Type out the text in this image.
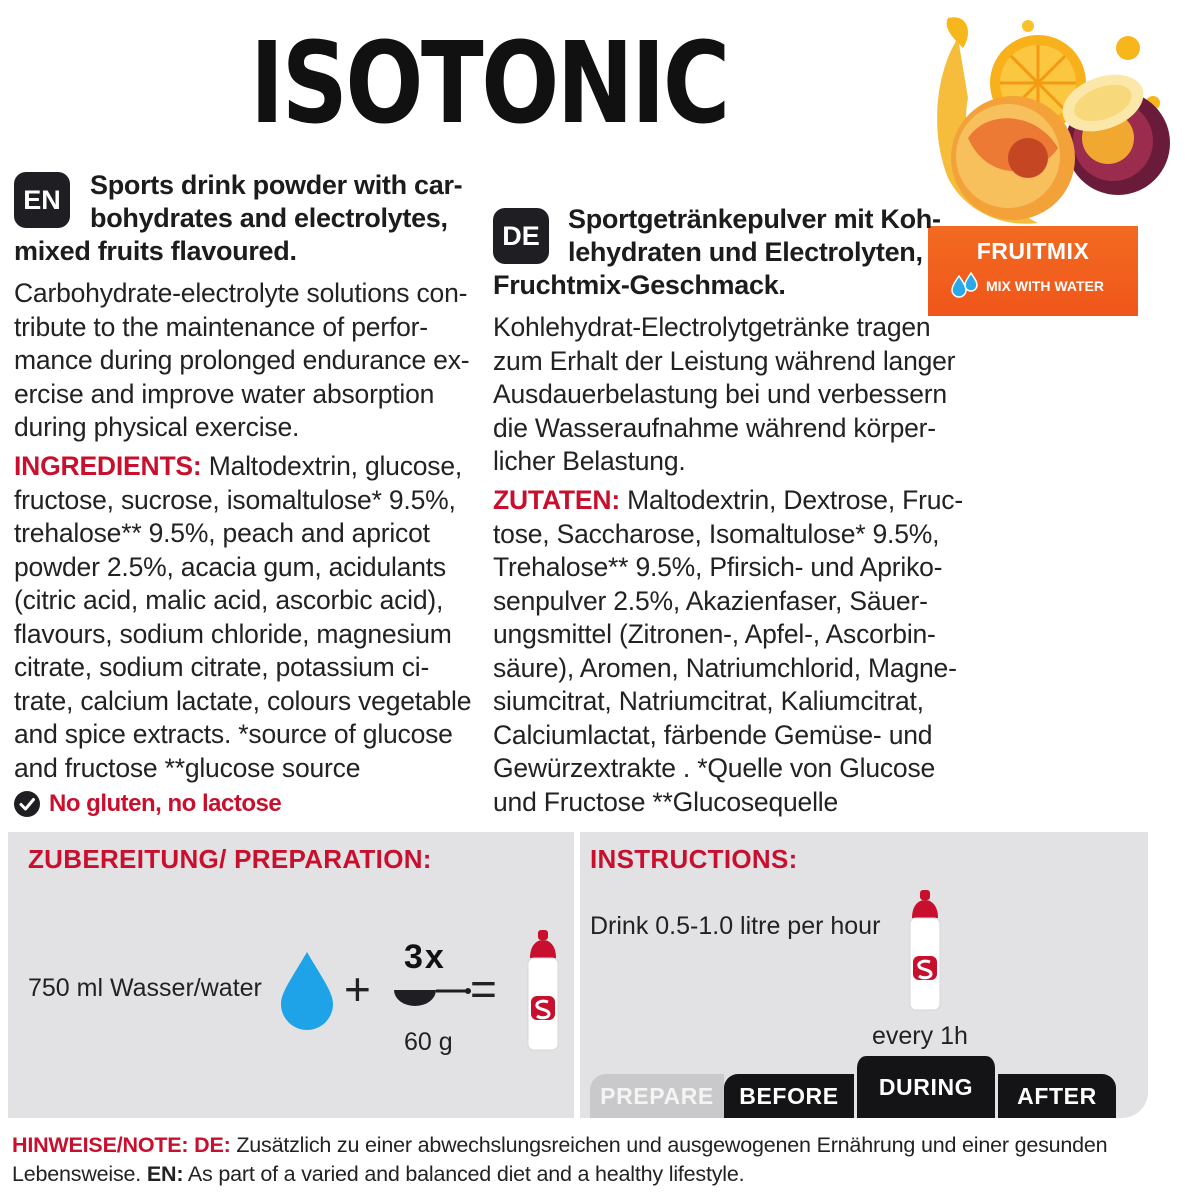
ISOTONIC
FRUITMIX
MIX WITH WATER
EN	Sports drink powder with car-
bohydrates and electrolytes,
mixed fruits flavoured.
Carbohydrate-electrolyte solutions con-
tribute to the maintenance of perfor-
mance during prolonged endurance ex-
ercise and improve water absorption
during physical exercise.
INGREDIENTS: Maltodextrin, glucose,
fructose, sucrose, isomaltulose* 9.5%,
trehalose** 9.5%, peach and apricot
powder 2.5%, acacia gum, acidulants
(citric acid, malic acid, ascorbic acid),
flavours, sodium chloride, magnesium
citrate, sodium citrate, potassium ci-
trate, calcium lactate, colours vegetable
and spice extracts. *source of glucose
and fructose **glucose source
No gluten, no lactose
DE
Sportgetränkepulver mit Koh-
lehydraten und Electrolyten,
Fruchtmix-Geschmack.
Kohlehydrat-Electrolytgetränke tragen
zum Erhalt der Leistung während langer
Ausdauerbelastung bei und verbessern
die Wasseraufnahme während körper-
licher Belastung.
ZUTATEN: Maltodextrin, Dextrose, Fruc-
tose, Saccharose, Isomaltulose* 9.5%,
Trehalose** 9.5%, Pfirsich- und Apriko-
senpulver 2.5%, Akazienfaser, Säuer-
ungsmittel (Zitronen-, Apfel-, Ascorbin-
säure), Aromen, Natriumchlorid, Magne-
siumcitrat, Natriumcitrat, Kaliumcitrat,
Calciumlactat, färbende Gemüse- und
Gewürzextrakte . *Quelle von Glucose
und Fructose **Glucosequelle
ZUBEREITUNG/ PREPARATION:
750 ml Wasser/water +
3x
=
60 g
INSTRUCTIONS:
Drink 0.5-1.0 litre per hour
every 1h
PREPARE	BEFORE	DURING	AFTER
HINWEISE/NOTE: DE: Zusätzlich zu einer abwechslungsreichen und ausgewogenen Ernährung und einer gesunden Lebensweise. EN: As part of a varied and balanced diet and a healthy lifestyle.
